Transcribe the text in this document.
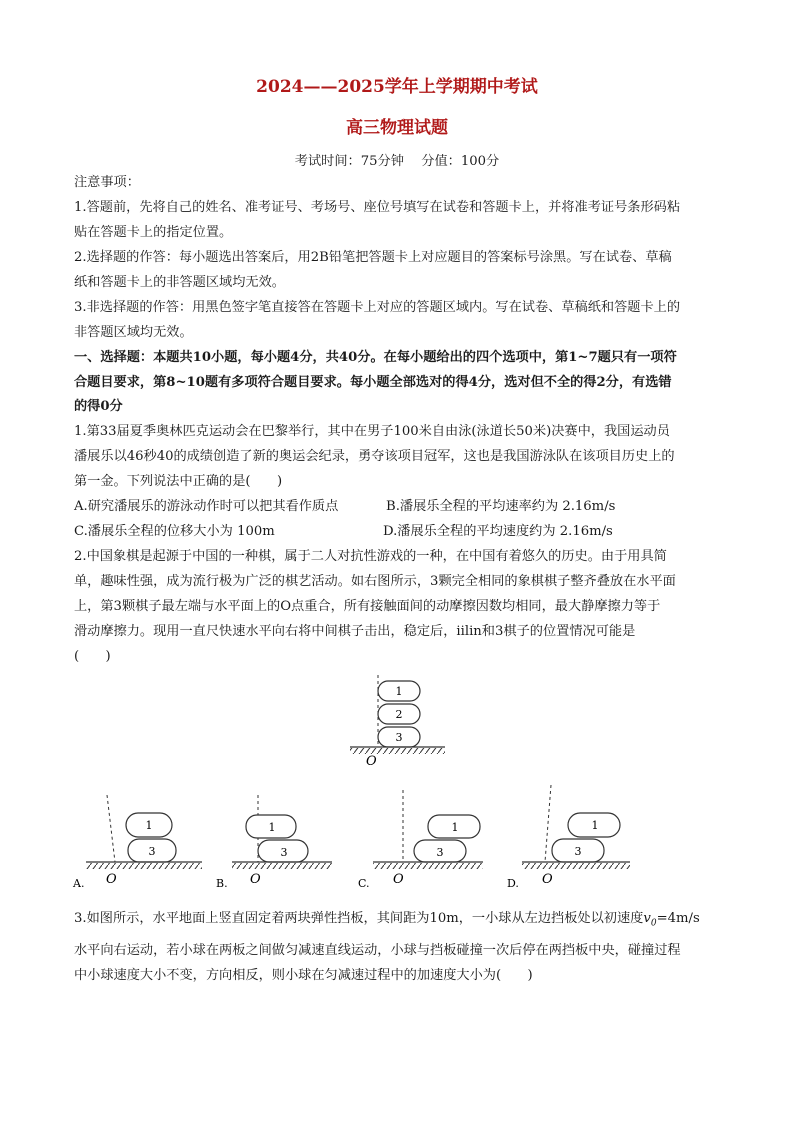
2024——2025学年上学期期中考试
高三物理试题
考试时间：75分钟 　分值：100分
注意事项：
1.答题前，先将自己的姓名、准考证号、考场号、座位号填写在试卷和答题卡上，并将准考证号条形码粘
贴在答题卡上的指定位置。
2.选择题的作答：每小题选出答案后，用2B铅笔把答题卡上对应题目的答案标号涂黑。写在试卷、草稿
纸和答题卡上的非答题区域均无效。
3.非选择题的作答：用黑色签字笔直接答在答题卡上对应的答题区域内。写在试卷、草稿纸和答题卡上的
非答题区域均无效。
一、选择题：本题共10小题，每小题4分，共40分。在每小题给出的四个选项中，第1~7题只有一项符
合题目要求，第8~10题有多项符合题目要求。每小题全部选对的得4分，选对但不全的得2分，有选错
的得0分
1.第33届夏季奥林匹克运动会在巴黎举行，其中在男子100米自由泳(泳道长50米)决赛中，我国运动员
潘展乐以46秒40的成绩创造了新的奥运会纪录，勇夺该项目冠军，这也是我国游泳队在该项目历史上的
第一金。下列说法中正确的是(　　)
A.研究潘展乐的游泳动作时可以把其看作质点	B.潘展乐全程的平均速率约为 2.16m/s
C.潘展乐全程的位移大小为 100m	D.潘展乐全程的平均速度约为 2.16m/s
2.中国象棋是起源于中国的一种棋，属于二人对抗性游戏的一种，在中国有着悠久的历史。由于用具简
单，趣味性强，成为流行极为广泛的棋艺活动。如右图所示，3颗完全相同的象棋棋子整齐叠放在水平面
上，第3颗棋子最左端与水平面上的O点重合，所有接触面间的动摩擦因数均相同，最大静摩擦力等于
滑动摩擦力。现用一直尺快速水平向右将中间棋子击出，稳定后，iilin和3棋子的位置情况可能是
(　　)
1
2
3
O
1
3
O
A.
1
3
O
B.
1
3
O
C.
1
3
O
D.
3.如图所示，水平地面上竖直固定着两块弹性挡板，其间距为10m，一小球从左边挡板处以初速度$v_0=4m/s$
水平向右运动，若小球在两板之间做匀减速直线运动，小球与挡板碰撞一次后停在两挡板中央，碰撞过程
中小球速度大小不变，方向相反，则小球在匀减速过程中的加速度大小为(　　)
